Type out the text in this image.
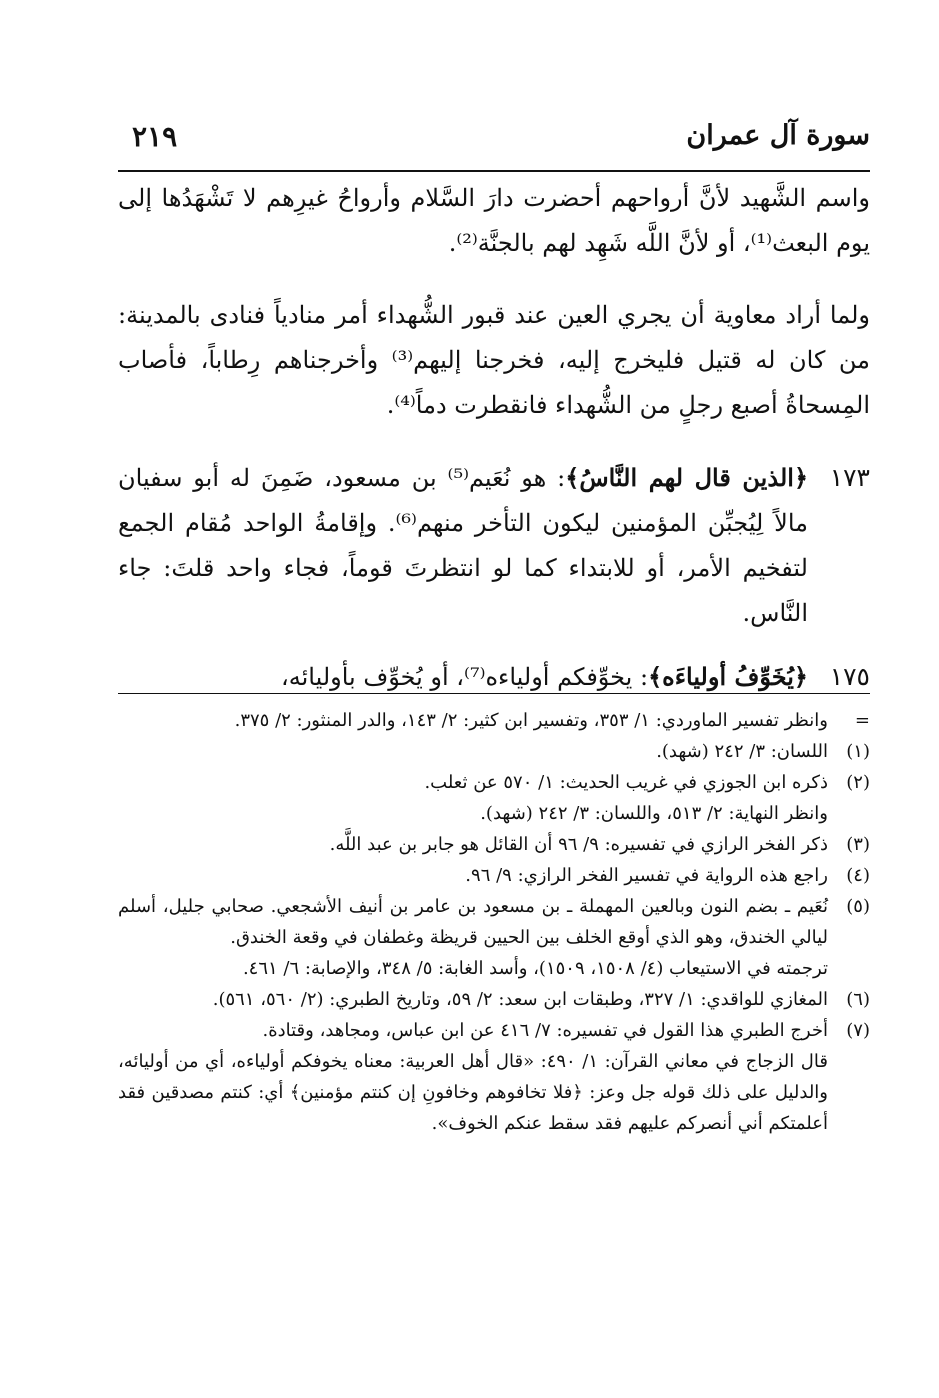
سورة آل عمران
٢١٩

واسم الشَّهيد لأنَّ أرواحهم أحضرت دارَ السَّلام وأرواحُ غيرِهم لا تَشْهَدُها إلى يوم البعث⁽¹⁾، أو لأنَّ اللَّه شَهِد لهم بالجنَّة⁽²⁾.

ولما أراد معاوية أن يجري العين عند قبور الشُّهداء أمر منادياً فنادى بالمدينة: من كان له قتيل فليخرج إليه، فخرجنا إليهم⁽³⁾ وأخرجناهم رِطاباً، فأصاب المِسحاةُ أصبع رجلٍ من الشُّهداء فانقطرت دماً⁽⁴⁾.

١٧٣
﴿الذين قال لهم النَّاسُ﴾: هو نُعَيم⁽⁵⁾ بن مسعود، ضَمِنَ له أبو سفيان مالاً لِيُجبِّن المؤمنين ليكون التأخر منهم⁽⁶⁾. وإقامةُ الواحد مُقام الجمع لتفخيم الأمر، أو للابتداء كما لو انتظرتَ قوماً، فجاء واحد قلتَ: جاء النَّاس.
١٧٥
﴿يُخَوِّفُ أولياءَه﴾: يخوِّفكم أولياءه⁽⁷⁾، أو يُخوِّف بأوليائه،
=
وانظر تفسير الماوردي: ١/ ٣٥٣، وتفسير ابن كثير: ٢/ ١٤٣، والدر المنثور: ٢/ ٣٧٥.
(١)
اللسان: ٣/ ٢٤٢ (شهد).
(٢)
ذكره ابن الجوزي في غريب الحديث: ١/ ٥٧٠ عن ثعلب.
وانظر النهاية: ٢/ ٥١٣، واللسان: ٣/ ٢٤٢ (شهد).
(٣)
ذكر الفخر الرازي في تفسيره: ٩/ ٩٦ أن القائل هو جابر بن عبد اللَّه.
(٤)
راجع هذه الرواية في تفسير الفخر الرازي: ٩/ ٩٦.
(٥)
نُعَيم ـ بضم النون وبالعين المهملة ـ بن مسعود بن عامر بن أنيف الأشجعي. صحابي جليل، أسلم ليالي الخندق، وهو الذي أوقع الخلف بين الحيين قريظة وغطفان في وقعة الخندق.
ترجمته في الاستيعاب (٤/ ١٥٠٨، ١٥٠٩)، وأسد الغابة: ٥/ ٣٤٨، والإصابة: ٦/ ٤٦١.
(٦)
المغازي للواقدي: ١/ ٣٢٧، وطبقات ابن سعد: ٢/ ٥٩، وتاريخ الطبري: (٢/ ٥٦٠، ٥٦١).
(٧)
أخرج الطبري هذا القول في تفسيره: ٧/ ٤١٦ عن ابن عباس، ومجاهد، وقتادة.
قال الزجاج في معاني القرآن: ١/ ٤٩٠: «قال أهل العربية: معناه يخوفكم أولياءه، أي من أوليائه، والدليل على ذلك قوله جل وعز: ﴿فلا تخافوهم وخافونِ إن كنتم مؤمنين﴾ أي: كنتم مصدقين فقد أعلمتكم أني أنصركم عليهم فقد سقط عنكم الخوف».
